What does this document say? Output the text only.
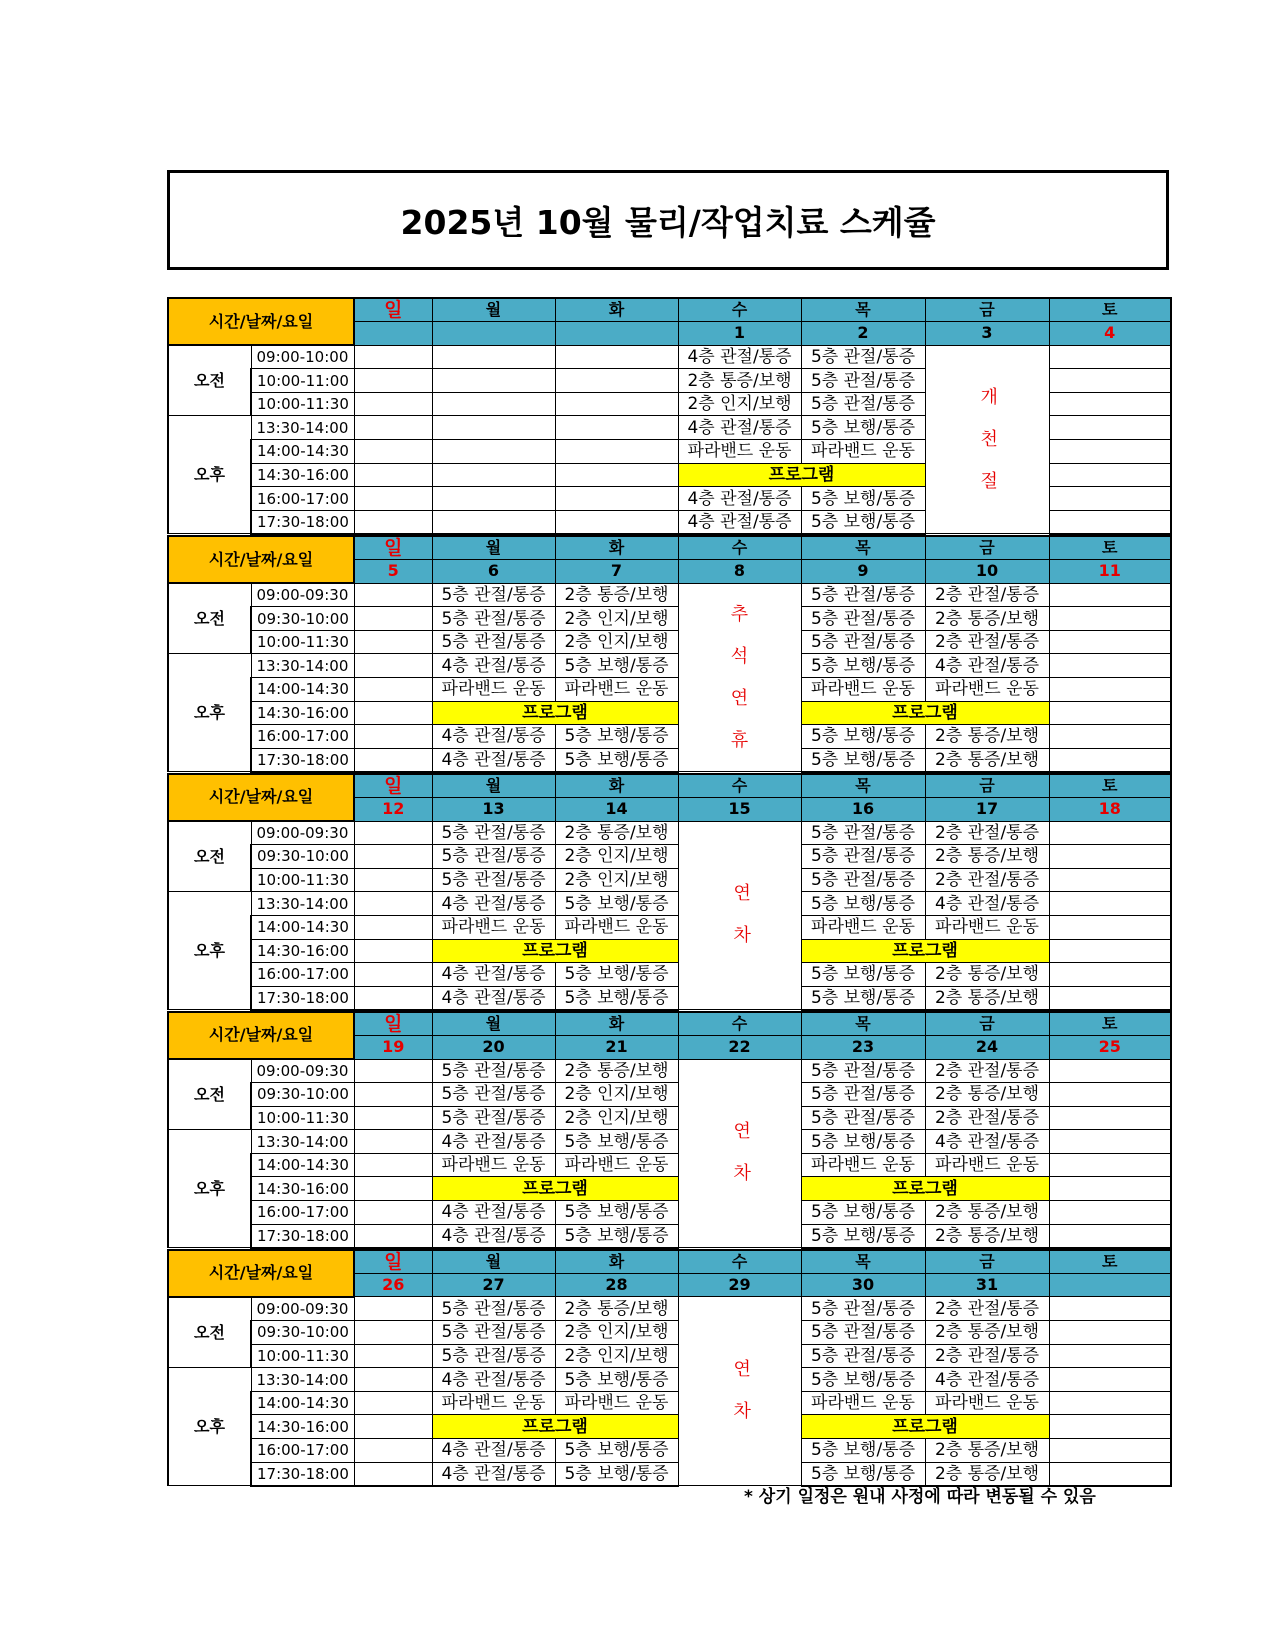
2025년 10월 물리/작업치료 스케쥴
시간/날짜/요일		일	월	화	수	목	금	토
					1	2	3	4
오전	09:00-10:00				4층 관절/통증	5층 관절/통증	개 천 절	
	10:00-11:00				2층 통증/보행	5층 관절/통증		
	10:00-11:30				2층 인지/보행	5층 관절/통증		
오후	13:30-14:00				4층 관절/통증	5층 보행/통증		
	14:00-14:30				파라밴드 운동	파라밴드 운동		
	14:30-16:00				프로그램			
	16:00-17:00				4층 관절/통증	5층 보행/통증		
	17:30-18:00				4층 관절/통증	5층 보행/통증		
시간/날짜/요일		일	월	화	수	목	금	토
		5	6	7	8	9	10	11
오전	09:00-09:30		5층 관절/통증	2층 통증/보행	추 석 연 휴	5층 관절/통증	2층 관절/통증	
	09:30-10:00		5층 관절/통증	2층 인지/보행		5층 관절/통증	2층 통증/보행	
	10:00-11:30		5층 관절/통증	2층 인지/보행		5층 관절/통증	2층 관절/통증	
오후	13:30-14:00		4층 관절/통증	5층 보행/통증		5층 보행/통증	4층 관절/통증	
	14:00-14:30		파라밴드 운동	파라밴드 운동		파라밴드 운동	파라밴드 운동	
	14:30-16:00		프로그램			프로그램		
	16:00-17:00		4층 관절/통증	5층 보행/통증		5층 보행/통증	2층 통증/보행	
	17:30-18:00		4층 관절/통증	5층 보행/통증		5층 보행/통증	2층 통증/보행	
시간/날짜/요일		일	월	화	수	목	금	토
		12	13	14	15	16	17	18
오전	09:00-09:30		5층 관절/통증	2층 통증/보행	연 차	5층 관절/통증	2층 관절/통증	
	09:30-10:00		5층 관절/통증	2층 인지/보행		5층 관절/통증	2층 통증/보행	
	10:00-11:30		5층 관절/통증	2층 인지/보행		5층 관절/통증	2층 관절/통증	
오후	13:30-14:00		4층 관절/통증	5층 보행/통증		5층 보행/통증	4층 관절/통증	
	14:00-14:30		파라밴드 운동	파라밴드 운동		파라밴드 운동	파라밴드 운동	
	14:30-16:00		프로그램			프로그램		
	16:00-17:00		4층 관절/통증	5층 보행/통증		5층 보행/통증	2층 통증/보행	
	17:30-18:00		4층 관절/통증	5층 보행/통증		5층 보행/통증	2층 통증/보행	
시간/날짜/요일		일	월	화	수	목	금	토
		19	20	21	22	23	24	25
오전	09:00-09:30		5층 관절/통증	2층 통증/보행	연 차	5층 관절/통증	2층 관절/통증	
	09:30-10:00		5층 관절/통증	2층 인지/보행		5층 관절/통증	2층 통증/보행	
	10:00-11:30		5층 관절/통증	2층 인지/보행		5층 관절/통증	2층 관절/통증	
오후	13:30-14:00		4층 관절/통증	5층 보행/통증		5층 보행/통증	4층 관절/통증	
	14:00-14:30		파라밴드 운동	파라밴드 운동		파라밴드 운동	파라밴드 운동	
	14:30-16:00		프로그램			프로그램		
	16:00-17:00		4층 관절/통증	5층 보행/통증		5층 보행/통증	2층 통증/보행	
	17:30-18:00		4층 관절/통증	5층 보행/통증		5층 보행/통증	2층 통증/보행	
시간/날짜/요일		일	월	화	수	목	금	토
		26	27	28	29	30	31	
오전	09:00-09:30		5층 관절/통증	2층 통증/보행	연 차	5층 관절/통증	2층 관절/통증	
	09:30-10:00		5층 관절/통증	2층 인지/보행		5층 관절/통증	2층 통증/보행	
	10:00-11:30		5층 관절/통증	2층 인지/보행		5층 관절/통증	2층 관절/통증	
오후	13:30-14:00		4층 관절/통증	5층 보행/통증		5층 보행/통증	4층 관절/통증	
	14:00-14:30		파라밴드 운동	파라밴드 운동		파라밴드 운동	파라밴드 운동	
	14:30-16:00		프로그램			프로그램		
	16:00-17:00		4층 관절/통증	5층 보행/통증		5층 보행/통증	2층 통증/보행	
	17:30-18:00		4층 관절/통증	5층 보행/통증		5층 보행/통증	2층 통증/보행	
* 상기 일정은 원내 사정에 따라 변동될 수 있음
